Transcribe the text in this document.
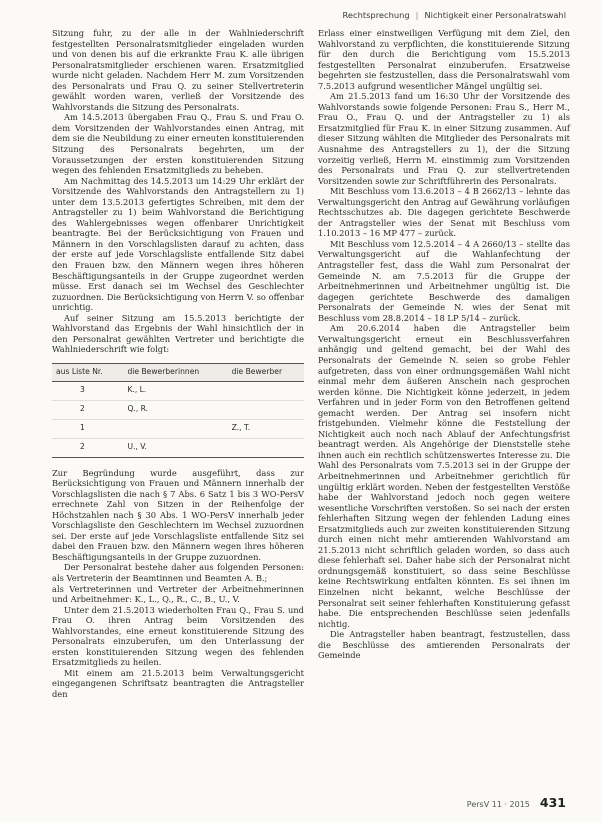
Rechtsprechung | Nichtigkeit einer Personalratswahl

Sitzung fuhr, zu der alle in der Wahlniederschrift festgestellten Personalratsmitglieder eingeladen wurden und von denen bis auf die erkrankte Frau K. alle übrigen Personalratsmitglieder erschienen waren. Ersatzmitglied wurde nicht geladen. Nachdem Herr M. zum Vorsitzenden des Personalrats und Frau Q. zu seiner Stellvertreterin gewählt worden waren, verließ der Vorsitzende des Wahlvorstands die Sitzung des Personalrats.

Am 14.5.2013 übergaben Frau Q., Frau S. und Frau O. dem Vorsitzenden der Wahlvorstandes einen Antrag, mit dem sie die Neubildung zu einer erneuten konstituierenden Sitzung des Personalrats begehrten, um der Voraussetzungen der ersten konstituierenden Sitzung wegen des fehlenden Ersatzmitglieds zu beheben.

Am Nachmittag des 14.5.2013 um 14:29 Uhr erklärt der Vorsitzende des Wahlvorstands den Antragstellern zu 1) unter dem 13.5.2013 gefertigtes Schreiben, mit dem der Antragsteller zu 1) beim Wahlvorstand die Berichtigung des Wahlergebnisses wegen offenbarer Unrichtigkeit beantragte. Bei der Berücksichtigung von Frauen und Männern in den Vorschlagslisten darauf zu achten, dass der erste auf jede Vorschlagsliste entfallende Sitz dabei den Frauen bzw. den Männern wegen ihres höheren Beschäftigungsanteils in der Gruppe zugeordnet werden müsse. Erst danach sei im Wechsel des Geschlechter zuzuordnen. Die Berücksichtigung von Herrn V. so offenbar unrichtig.

Auf seiner Sitzung am 15.5.2013 berichtigte der Wahlvorstand das Ergebnis der Wahl hinsichtlich der in den Personalrat gewählten Vertreter und berichtigte die Wahlniederschrift wie folgt:

aus Liste Nr.	die Bewerberinnen	die Bewerber
3	K., L.	
2	Q., R.	
1		Z., T.
2	U., V.	

Zur Begründung wurde ausgeführt, dass zur Berücksichtigung von Frauen und Männern innerhalb der Vorschlagslisten die nach § 7 Abs. 6 Satz 1 bis 3 WO-PersV errechnete Zahl von Sitzen in der Reihenfolge der Höchstzahlen nach § 30 Abs. 1 WO-PersV innerhalb jeder Vorschlagsliste den Geschlechtern im Wechsel zuzuordnen sei. Der erste auf jede Vorschlagsliste entfallende Sitz sei dabei den Frauen bzw. den Männern wegen ihres höheren Beschäftigungsanteils in der Gruppe zuzuordnen.

Der Personalrat bestehe daher aus folgenden Personen: als Vertreterin der Beamtinnen und Beamten A. B.;

als Vertreterinnen und Vertreter der Arbeitnehmerinnen und Arbeitnehmer: K., L., Q., R., C., B., U., V.

Unter dem 21.5.2013 wiederholten Frau Q., Frau S. und Frau O. ihren Antrag beim Vorsitzenden des Wahlvorstandes, eine erneut konstituierende Sitzung des Personalrats einzuberufen, um den Unterlassung der ersten konstituierenden Sitzung wegen des fehlenden Ersatzmitglieds zu heilen.

Mit einem am 21.5.2013 beim Verwaltungsgericht eingegangenen Schriftsatz beantragten die Antragsteller den

Erlass einer einstweiligen Verfügung mit dem Ziel, den Wahlvorstand zu verpflichten, die konstituierende Sitzung für den durch die Berichtigung vom 15.5.2013 festgestellten Personalrat einzuberufen. Ersatzweise begehrten sie festzustellen, dass die Personalratswahl vom 7.5.2013 aufgrund wesentlicher Mängel ungültig sei.

Am 21.5.2013 fand um 16:30 Uhr der Vorsitzende des Wahlvorstands sowie folgende Personen: Frau S., Herr M., Frau O., Frau Q. und der Antragsteller zu 1) als Ersatzmitglied für Frau K. in einer Sitzung zusammen. Auf dieser Sitzung wählten die Mitglieder des Personalrats mit Ausnahme des Antragstellers zu 1), der die Sitzung vorzeitig verließ, Herrn M. einstimmig zum Vorsitzenden des Personalrats und Frau Q. zur stellvertretenden Vorsitzenden sowie zur Schriftführerin des Personalrats.

Mit Beschluss vom 13.6.2013 – 4 B 2662/13 – lehnte das Verwaltungsgericht den Antrag auf Gewährung vorläufigen Rechtsschutzes ab. Die dagegen gerichtete Beschwerde der Antragsteller wies der Senat mit Beschluss vom 1.10.2013 – 16 MP 477 – zurück.

Mit Beschluss vom 12.5.2014 – 4 A 2660/13 – stellte das Verwaltungsgericht auf die Wahlanfechtung der Antragsteller fest, dass die Wahl zum Personalrat der Gemeinde N. am 7.5.2013 für die Gruppe der Arbeitnehmerinnen und Arbeitnehmer ungültig ist. Die dagegen gerichtete Beschwerde des damaligen Personalrats der Gemeinde N. wies der Senat mit Beschluss vom 28.8.2014 – 18 LP 5/14 – zurück.

Am 20.6.2014 haben die Antragsteller beim Verwaltungsgericht erneut ein Beschlussverfahren anhängig und geltend gemacht, bei der Wahl des Personalrats der Gemeinde N. seien so grobe Fehler aufgetreten, dass von einer ordnungsgemäßen Wahl nicht einmal mehr dem äußeren Anschein nach gesprochen werden könne. Die Nichtigkeit könne jederzeit, in jedem Verfahren und in jeder Form von den Betroffenen geltend gemacht werden. Der Antrag sei insofern nicht fristgebunden. Vielmehr könne die Feststellung der Nichtigkeit auch noch nach Ablauf der Anfechtungsfrist beantragt werden. Als Angehörige der Dienststelle stehe ihnen auch ein rechtlich schützenswertes Interesse zu. Die Wahl des Personalrats vom 7.5.2013 sei in der Gruppe der Arbeitnehmerinnen und Arbeitnehmer gerichtlich für ungültig erklärt worden. Neben der festgestellten Verstöße habe der Wahlvorstand jedoch noch gegen weitere wesentliche Vorschriften verstoßen. So sei nach der ersten fehlerhaften Sitzung wegen der fehlenden Ladung eines Ersatzmitglieds auch zur zweiten konstituierenden Sitzung durch einen nicht mehr amtierenden Wahlvorstand am 21.5.2013 nicht schriftlich geladen worden, so dass auch diese fehlerhaft sei. Daher habe sich der Personalrat nicht ordnungsgemäß konstituiert, so dass seine Beschlüsse keine Rechtswirkung entfalten könnten. Es sei ihnen im Einzelnen nicht bekannt, welche Beschlüsse der Personalrat seit seiner fehlerhaften Konstituierung gefasst habe. Die entsprechenden Beschlüsse seien jedenfalls nichtig.

Die Antragsteller haben beantragt, festzustellen, dass die Beschlüsse des amtierenden Personalrats der Gemeinde

PersV 11 · 2015 431
